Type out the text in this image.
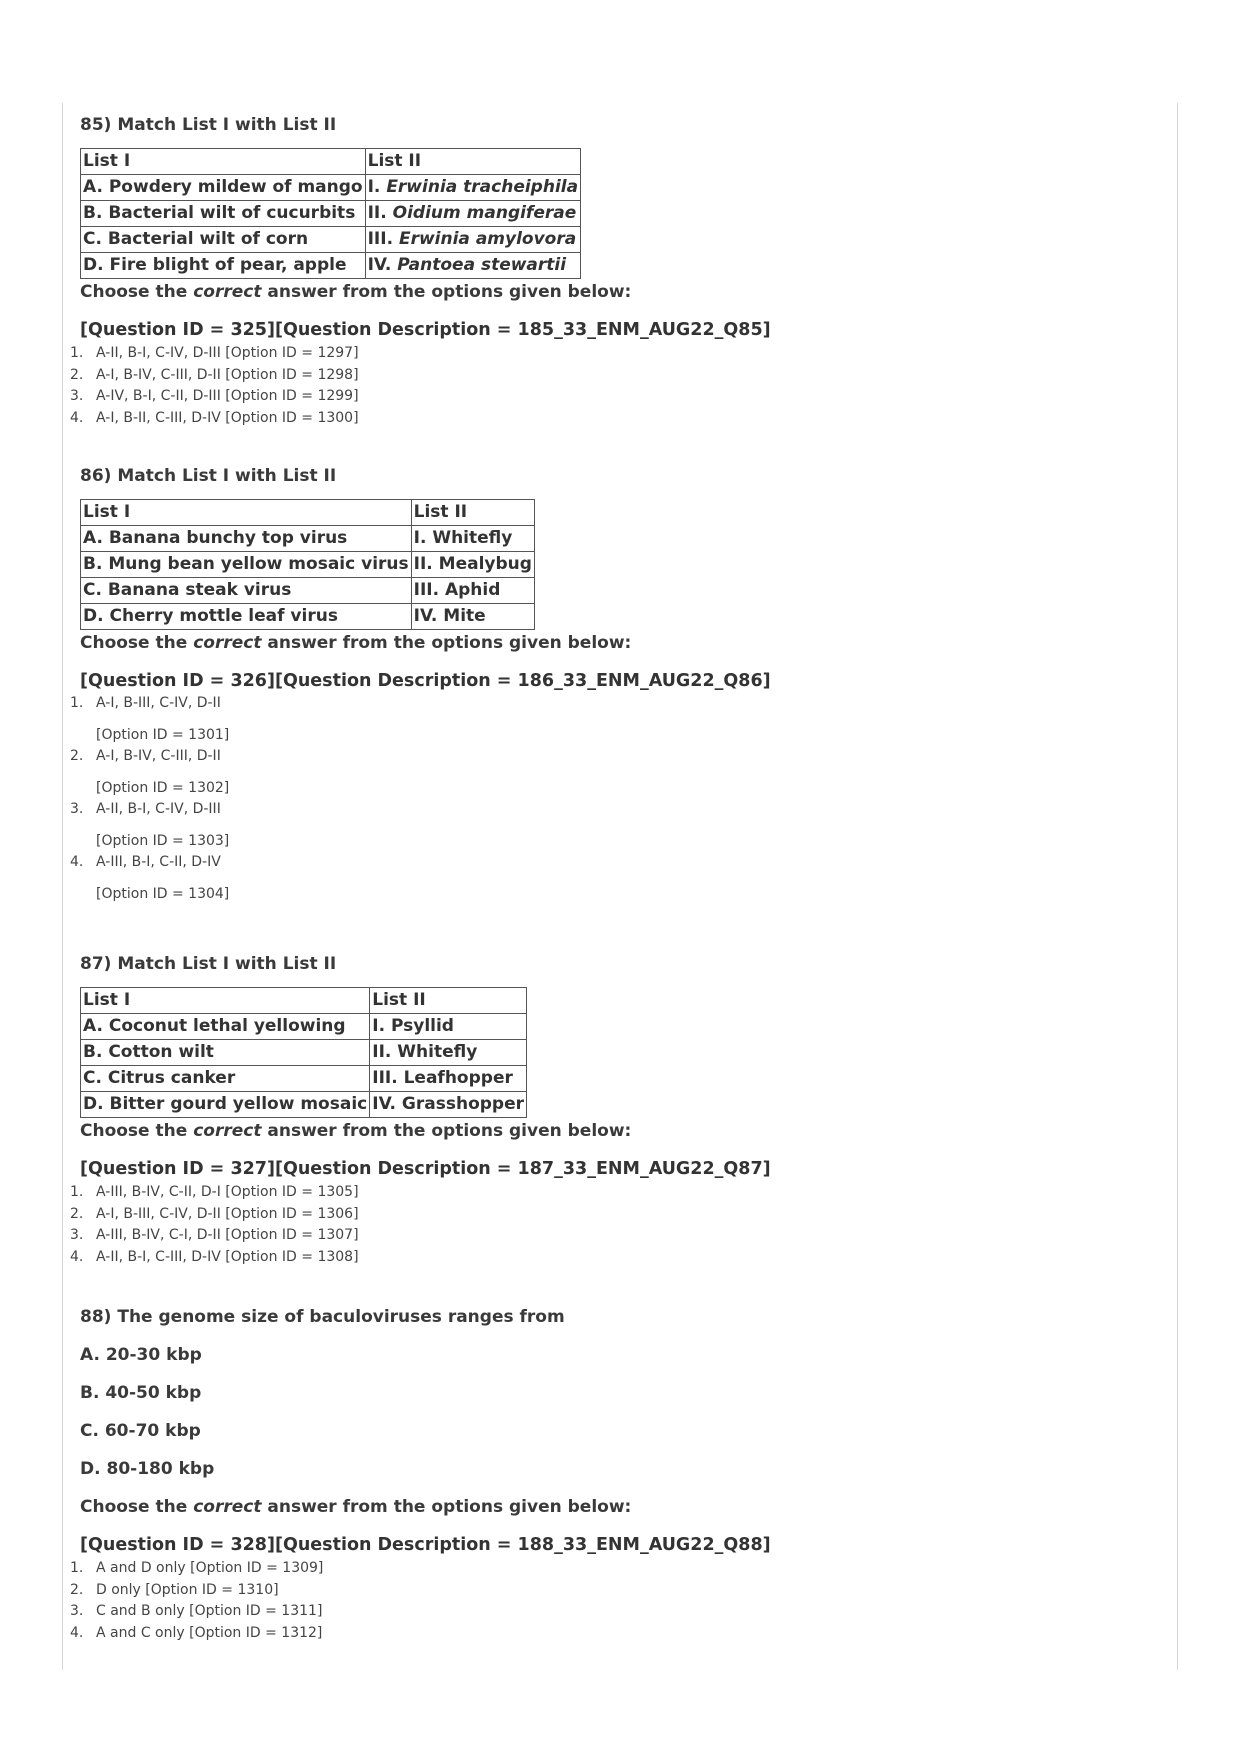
85) Match List I with List II

List I	List II
A. Powdery mildew of mango	I. Erwinia tracheiphila
B. Bacterial wilt of cucurbits	II. Oidium mangiferae
C. Bacterial wilt of corn	III. Erwinia amylovora
D. Fire blight of pear, apple	IV. Pantoea stewartii
Choose the correct answer from the options given below:
[Question ID = 325][Question Description = 185_33_ENM_AUG22_Q85]
1. A-II, B-I, C-IV, D-III [Option ID = 1297]
2. A-I, B-IV, C-III, D-II [Option ID = 1298]
3. A-IV, B-I, C-II, D-III [Option ID = 1299]
4. A-I, B-II, C-III, D-IV [Option ID = 1300]

86) Match List I with List II

List I	List II
A. Banana bunchy top virus	I. Whitefly
B. Mung bean yellow mosaic virus	II. Mealybug
C. Banana steak virus	III. Aphid
D. Cherry mottle leaf virus	IV. Mite
Choose the correct answer from the options given below:
[Question ID = 326][Question Description = 186_33_ENM_AUG22_Q86]
1. A-I, B-III, C-IV, D-II
[Option ID = 1301]
2. A-I, B-IV, C-III, D-II
[Option ID = 1302]
3. A-II, B-I, C-IV, D-III
[Option ID = 1303]
4. A-III, B-I, C-II, D-IV
[Option ID = 1304]

87) Match List I with List II

List I	List II
A. Coconut lethal yellowing	I. Psyllid
B. Cotton wilt	II. Whitefly
C. Citrus canker	III. Leafhopper
D. Bitter gourd yellow mosaic	IV. Grasshopper
Choose the correct answer from the options given below:
[Question ID = 327][Question Description = 187_33_ENM_AUG22_Q87]
1. A-III, B-IV, C-II, D-I [Option ID = 1305]
2. A-I, B-III, C-IV, D-II [Option ID = 1306]
3. A-III, B-IV, C-I, D-II [Option ID = 1307]
4. A-II, B-I, C-III, D-IV [Option ID = 1308]

88) The genome size of baculoviruses ranges from

A. 20-30 kbp
B. 40-50 kbp
C. 60-70 kbp
D. 80-180 kbp
Choose the correct answer from the options given below:
[Question ID = 328][Question Description = 188_33_ENM_AUG22_Q88]
1. A and D only [Option ID = 1309]
2. D only [Option ID = 1310]
3. C and B only [Option ID = 1311]
4. A and C only [Option ID = 1312]
